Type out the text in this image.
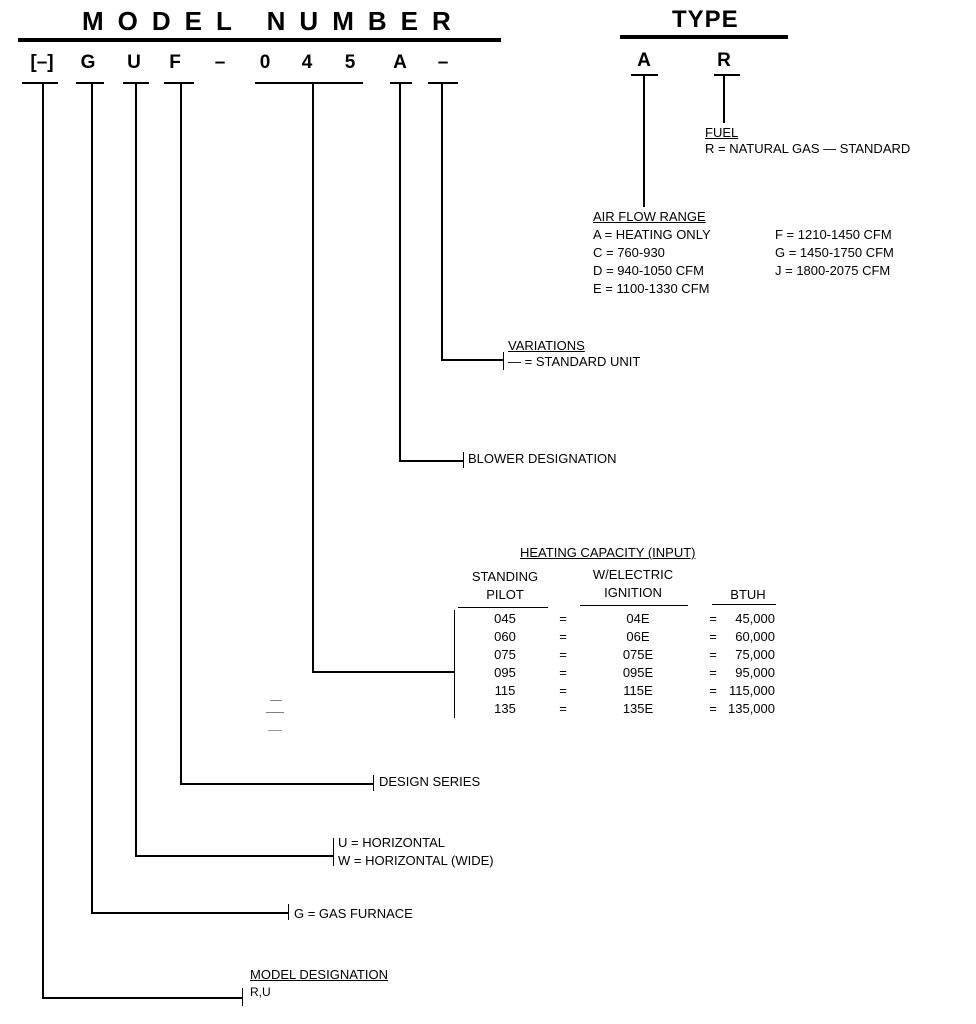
MODEL NUMBER
[–]	G	U	F	–	0	4	5	A	–
TYPE
A	R
FUEL
R = NATURAL GAS — STANDARD
AIR FLOW RANGE
A = HEATING ONLY
C = 760-930
D = 940-1050 CFM
E = 1100-1330 CFM
F = 1210-1450 CFM
G = 1450-1750 CFM
J = 1800-2075 CFM
VARIATIONS
— = STANDARD UNIT
BLOWER DESIGNATION
HEATING CAPACITY (INPUT)
STANDING
PILOT
W/ELECTRIC
IGNITION	BTUH
045	=	04E	=	45,000
060	=	06E	=	60,000
075	=	075E	=	75,000
095	=	095E	=	95,000
115	=	115E	=	115,000
135	=	135E	=	135,000
DESIGN SERIES
U = HORIZONTAL
W = HORIZONTAL (WIDE)
G = GAS FURNACE
MODEL DESIGNATION
R,U
